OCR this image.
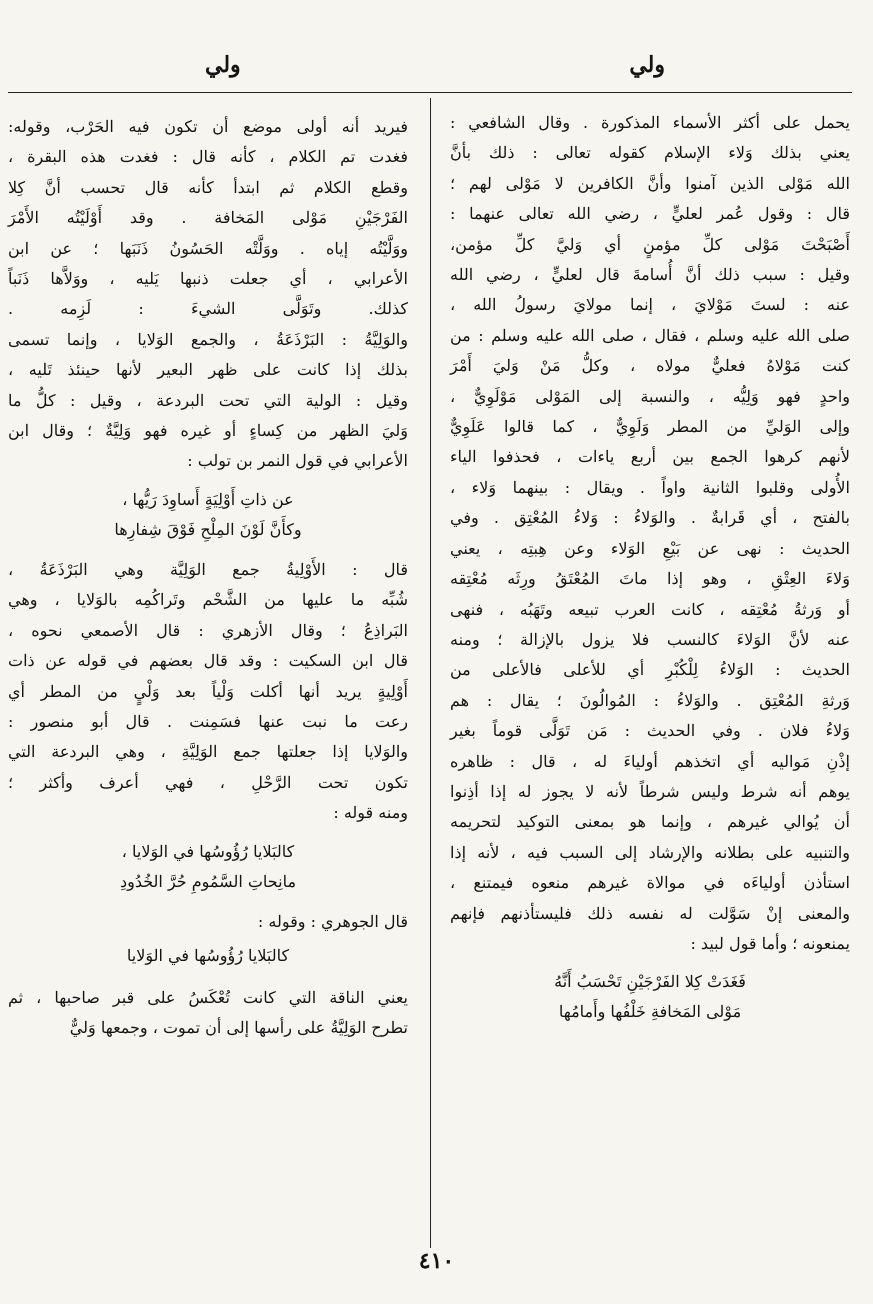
ولي
ولي

يحمل على أكثر الأسماء المذكورة . وقال الشافعي :

يعني بذلك وَلاء الإسلام كقوله تعالى : ذلك بأنَّ

الله مَوْلى الذين آمنوا وأنَّ الكافرين لا مَوْلى لهم ؛

قال : وقول عُمر لعليٍّ ، رضي الله تعالى عنهما :

أَصْبَحْتَ مَوْلى كلِّ مؤمنٍ أي وَليَّ كلِّ مؤمن،

وقيل : سبب ذلك أنَّ أُسامةَ قال لعليٍّ ، رضي الله

عنه : لستَ مَوْلايَ ، إنما مولايَ رسولُ الله ،

صلى الله عليه وسلم ، فقال ، صلى الله عليه وسلم : من

كنت مَوْلاهُ فعليٌّ مولاه ، وكلُّ مَنْ وَليَ أَمْرَ

واحدٍ فهو وَلِيُّه ، والنسبة إلى المَوْلى مَوْلَوِيٌّ ،

وإلى الوَليِّ من المطر وَلَوِيٌّ ، كما قالوا عَلَوِيٌّ

لأنهم كرهوا الجمع بين أربع ياءات ، فحذفوا الياء

الأُولى وقلبوا الثانية واواً . ويقال : بينهما وَلاء ،

بالفتح ، أي قَرابةٌ . والوَلاءُ : وَلاءُ المُعْتِق . وفي

الحديث : نهى عن بَيْعِ الوَلاء وعن هِبتِه ، يعني

وَلاءَ العِتْقِ ، وهو إذا ماتَ المُعْتَقُ ورِثَه مُعْتِقه

أو وَرثةُ مُعْتِقه ، كانت العرب تبيعه وتَهَبُه ، فنهى

عنه لأنَّ الوَلاءَ كالنسب فلا يزول بالإزالة ؛ ومنه

الحديث : الوَلاءُ لِلْكُبْرِ أي للأعلى فالأعلى من

وَرثةِ المُعْتِق . والوَلاءُ : المُوالُونَ ؛ يقال : هم

وَلاءُ فلان . وفي الحديث : مَن تَوَلَّى قوماً بغير

إذْنِ مَواليه أي اتخذهم أولياءَ له ، قال : ظاهره

يوهم أنه شرط وليس شرطاً لأنه لا يجوز له إذا أذِنوا

أن يُوالي غيرهم ، وإنما هو بمعنى التوكيد لتحريمه

والتنبيه على بطلانه والإرشاد إلى السبب فيه ، لأنه إذا

استأذن أولياءَه في موالاة غيرهم منعوه فيمتنع ،

والمعنى إنْ سَوَّلت له نفسه ذلك فليستأذنهم فإنهم

يمنعونه ؛ وأما قول لبيد :

فَغَدَتْ كِلا الفَرْجَيْنِ تَحْسَبُ أَنَّهُ
مَوْلى المَخافةِ خَلْفُها وأَمامُها

فيريد أنه أولى موضع أن تكون فيه الحَرْب، وقوله:

فغدت تم الكلام ، كأنه قال : فغدت هذه البقرة ،

وقطع الكلام ثم ابتدأ كأنه قال تحسب أنَّ كِلا

الفَرْجَيْنِ مَوْلى المَخافة . وقد أَوْلَيْتُه الأَمْرَ

ووَلَّيْتُه إياه . ووَلَّتْه الحَسُونُ ذَنَبَها ؛ عن ابن

الأعرابي ، أي جعلت ذنبها يَليه ، ووَلاَّها ذَنَباً

كذلك. وتَوَلَّى الشيءَ : لَزِمه .

والوَلِيَّةُ : البَرْذَعَةُ ، والجمع الوَلايا ، وإنما تسمى

بذلك إذا كانت على ظهر البعير لأنها حينئذ تَليه ،

وقيل : الولية التي تحت البردعة ، وقيل : كلُّ ما

وَليَ الظهر من كِساءٍ أو غيره فهو وَلِيَّةٌ ؛ وقال ابن

الأعرابي في قول النمر بن تولب :

عن ذاتِ أَوْلِيَةٍ أَساوِدَ رَيُّها ،
وكأَنَّ لَوْنَ المِلْحِ فَوْقَ شِفارِها

قال : الأَوْلِيةُ جمع الوَلِيَّة وهي البَرْذَعَةُ ،

شُبِّه ما عليها من الشَّحْم وتَراكُمِه بالوَلايا ، وهي

البَراذِعُ ؛ وقال الأزهري : قال الأصمعي نحوه ،

قال ابن السكيت : وقد قال بعضهم في قوله عن ذات

أَوْلِيةٍ يريد أنها أكلت وَلْياً بعد وَلْيٍ من المطر أي

رعت ما نبت عنها فسَمِنت . قال أبو منصور :

والوَلايا إذا جعلتها جمع الوَلِيَّةِ ، وهي البردعة التي

تكون تحت الرَّحْلِ ، فهي أعرف وأكثر ؛

ومنه قوله :

كالبَلايا رُؤُوسُها في الوَلايا ،
مانِحاتِ السَّمُومِ حُرَّ الخُدُودِ

قال الجوهري : وقوله :

كالبَلايا رُؤُوسُها في الوَلايا

يعني الناقة التي كانت تُعْكَسُ على قبر صاحبها ، ثم

تطرح الوَلِيَّةُ على رأسها إلى أن تموت ، وجمعها وَليٌّ

٤١٠
